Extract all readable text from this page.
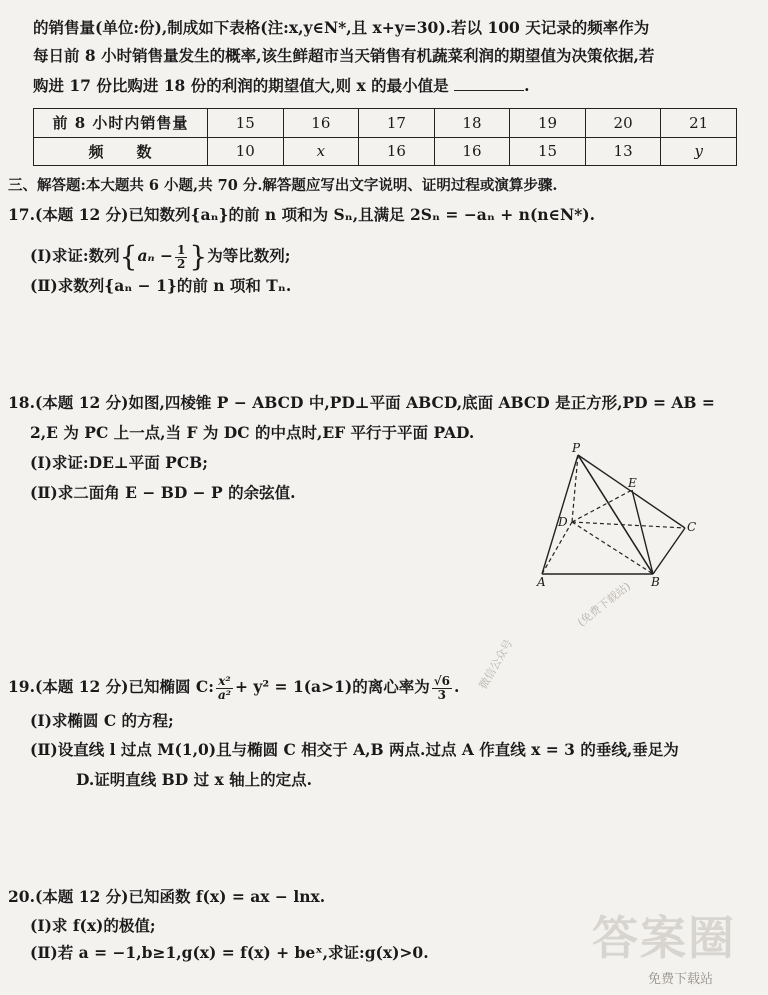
的销售量(单位:份),制成如下表格(注:x,y∈N*,且 x+y=30).若以 100 天记录的频率作为
每日前 8 小时销售量发生的概率,该生鲜超市当天销售有机蔬菜利润的期望值为决策依据,若
购进 17 份比购进 18 份的利润的期望值大,则 x 的最小值是	.
前 8 小时内销售量	15	16	17	18	19	20	21
频　　数	10	x	16	16	15	13	y
三、解答题:本大题共 6 小题,共 70 分.解答题应写出文字说明、证明过程或演算步骤.
17.(本题 12 分)已知数列{aₙ}的前 n 项和为 Sₙ,且满足 2Sₙ = −aₙ + n(n∈N*).
(Ⅰ)求证:数列{$a_n - \frac{1}{2}$ }为等比数列;
(Ⅱ)求数列{aₙ − 1}的前 n 项和 Tₙ.
18.(本题 12 分)如图,四棱锥 P − ABCD 中,PD⊥平面 ABCD,底面 ABCD 是正方形,PD = AB =
2,E 为 PC 上一点,当 F 为 DC 的中点时,EF 平行于平面 PAD.
(Ⅰ)求证:DE⊥平面 PCB;
(Ⅱ)求二面角 E − BD − P 的余弦值.
P
E
D	C
A	B
(免费下载站)
微信公众号
19.(本题 12 分)已知椭圆 C: $\frac{\text{x²}}{\text{a²}} + y^2 = 1(a>1)$的离心率为 $\frac{√6}{3}$ .
(Ⅰ)求椭圆 C 的方程;
(Ⅱ)设直线 l 过点 M(1,0)且与椭圆 C 相交于 A,B 两点.过点 A 作直线 x = 3 的垂线,垂足为
D.证明直线 BD 过 x 轴上的定点.
20.(本题 12 分)已知函数 f(x) = ax − lnx.
(Ⅰ)求 f(x)的极值;
(Ⅱ)若 a = −1,b≥1,g(x) = f(x) + beˣ,求证:g(x)>0.	答案圈
免费下载站
